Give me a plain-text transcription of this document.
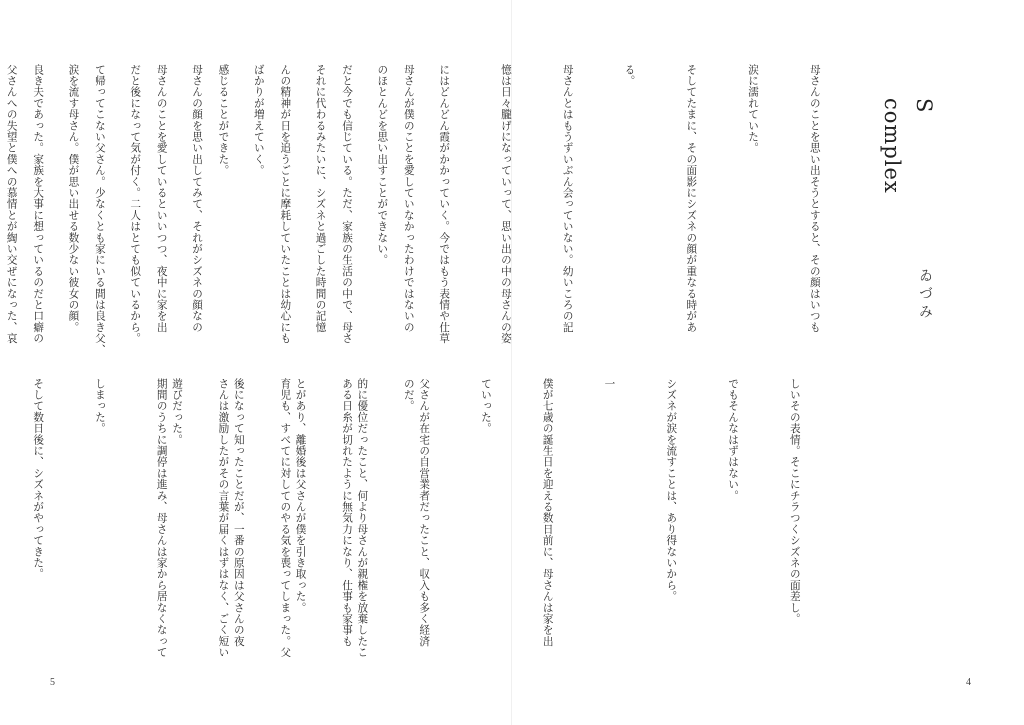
S complex
ゐづみ

母さんのことを思い出そうとすると、その顔はいつも

涙に濡れていた。

そしてたまに、その面影にシズネの顔が重なる時があ

る。

母さんとはもうずいぶん会っていない。幼いころの記

憶は日々朧げになっていって、思い出の中の母さんの姿

にはどんどん霞がかかっていく。今ではもう表情や仕草

のほとんどを思い出すことができない。

それに代わるみたいに、シズネと過ごした時間の記憶

ばかりが増えていく。

母さんの顔を思い出してみて、それがシズネの顔なの

だと後になって気が付く。二人はとても似ているから。

涙を流す母さん。僕が思い出せる数少ない彼女の顔。

父さんへの失望と僕への慕情とが綯い交ぜになった、哀

しいその表情。そこにチラつくシズネの面差し。

でもそんなはずはない。

シズネが涙を流すことは、あり得ないから。

一

僕が七歳の誕生日を迎える数日前に、母さんは家を出

ていった。

父さんが在宅の自営業者だったこと、収入も多く経済

的に優位だったこと、何より母さんが親権を放棄したこ

とがあり、離婚後は父さんが僕を引き取った。

後になって知ったことだが、一番の原因は父さんの夜

遊びだった。

母さんが僕のことを愛していなかったわけではないの

だと今でも信じている。ただ、家族の生活の中で、母さ

んの精神が日を追うごとに摩耗していたことは幼心にも

感じることができた。

母さんのことを愛しているといいつつ、夜中に家を出

て帰ってこない父さん。少なくとも家にいる間は良き父、

良き夫であった。家族を大事に想っているのだと口癖の

のだ。

ある日糸が切れたように無気力になり、仕事も家事も

育児も、すべてに対してのやる気を喪ってしまった。父

さんは激励したがその言葉が届くはずはなく、ごく短い

期間のうちに調停は進み、母さんは家から居なくなって

しまった。

そして数日後に、シズネがやってきた。

5	4
